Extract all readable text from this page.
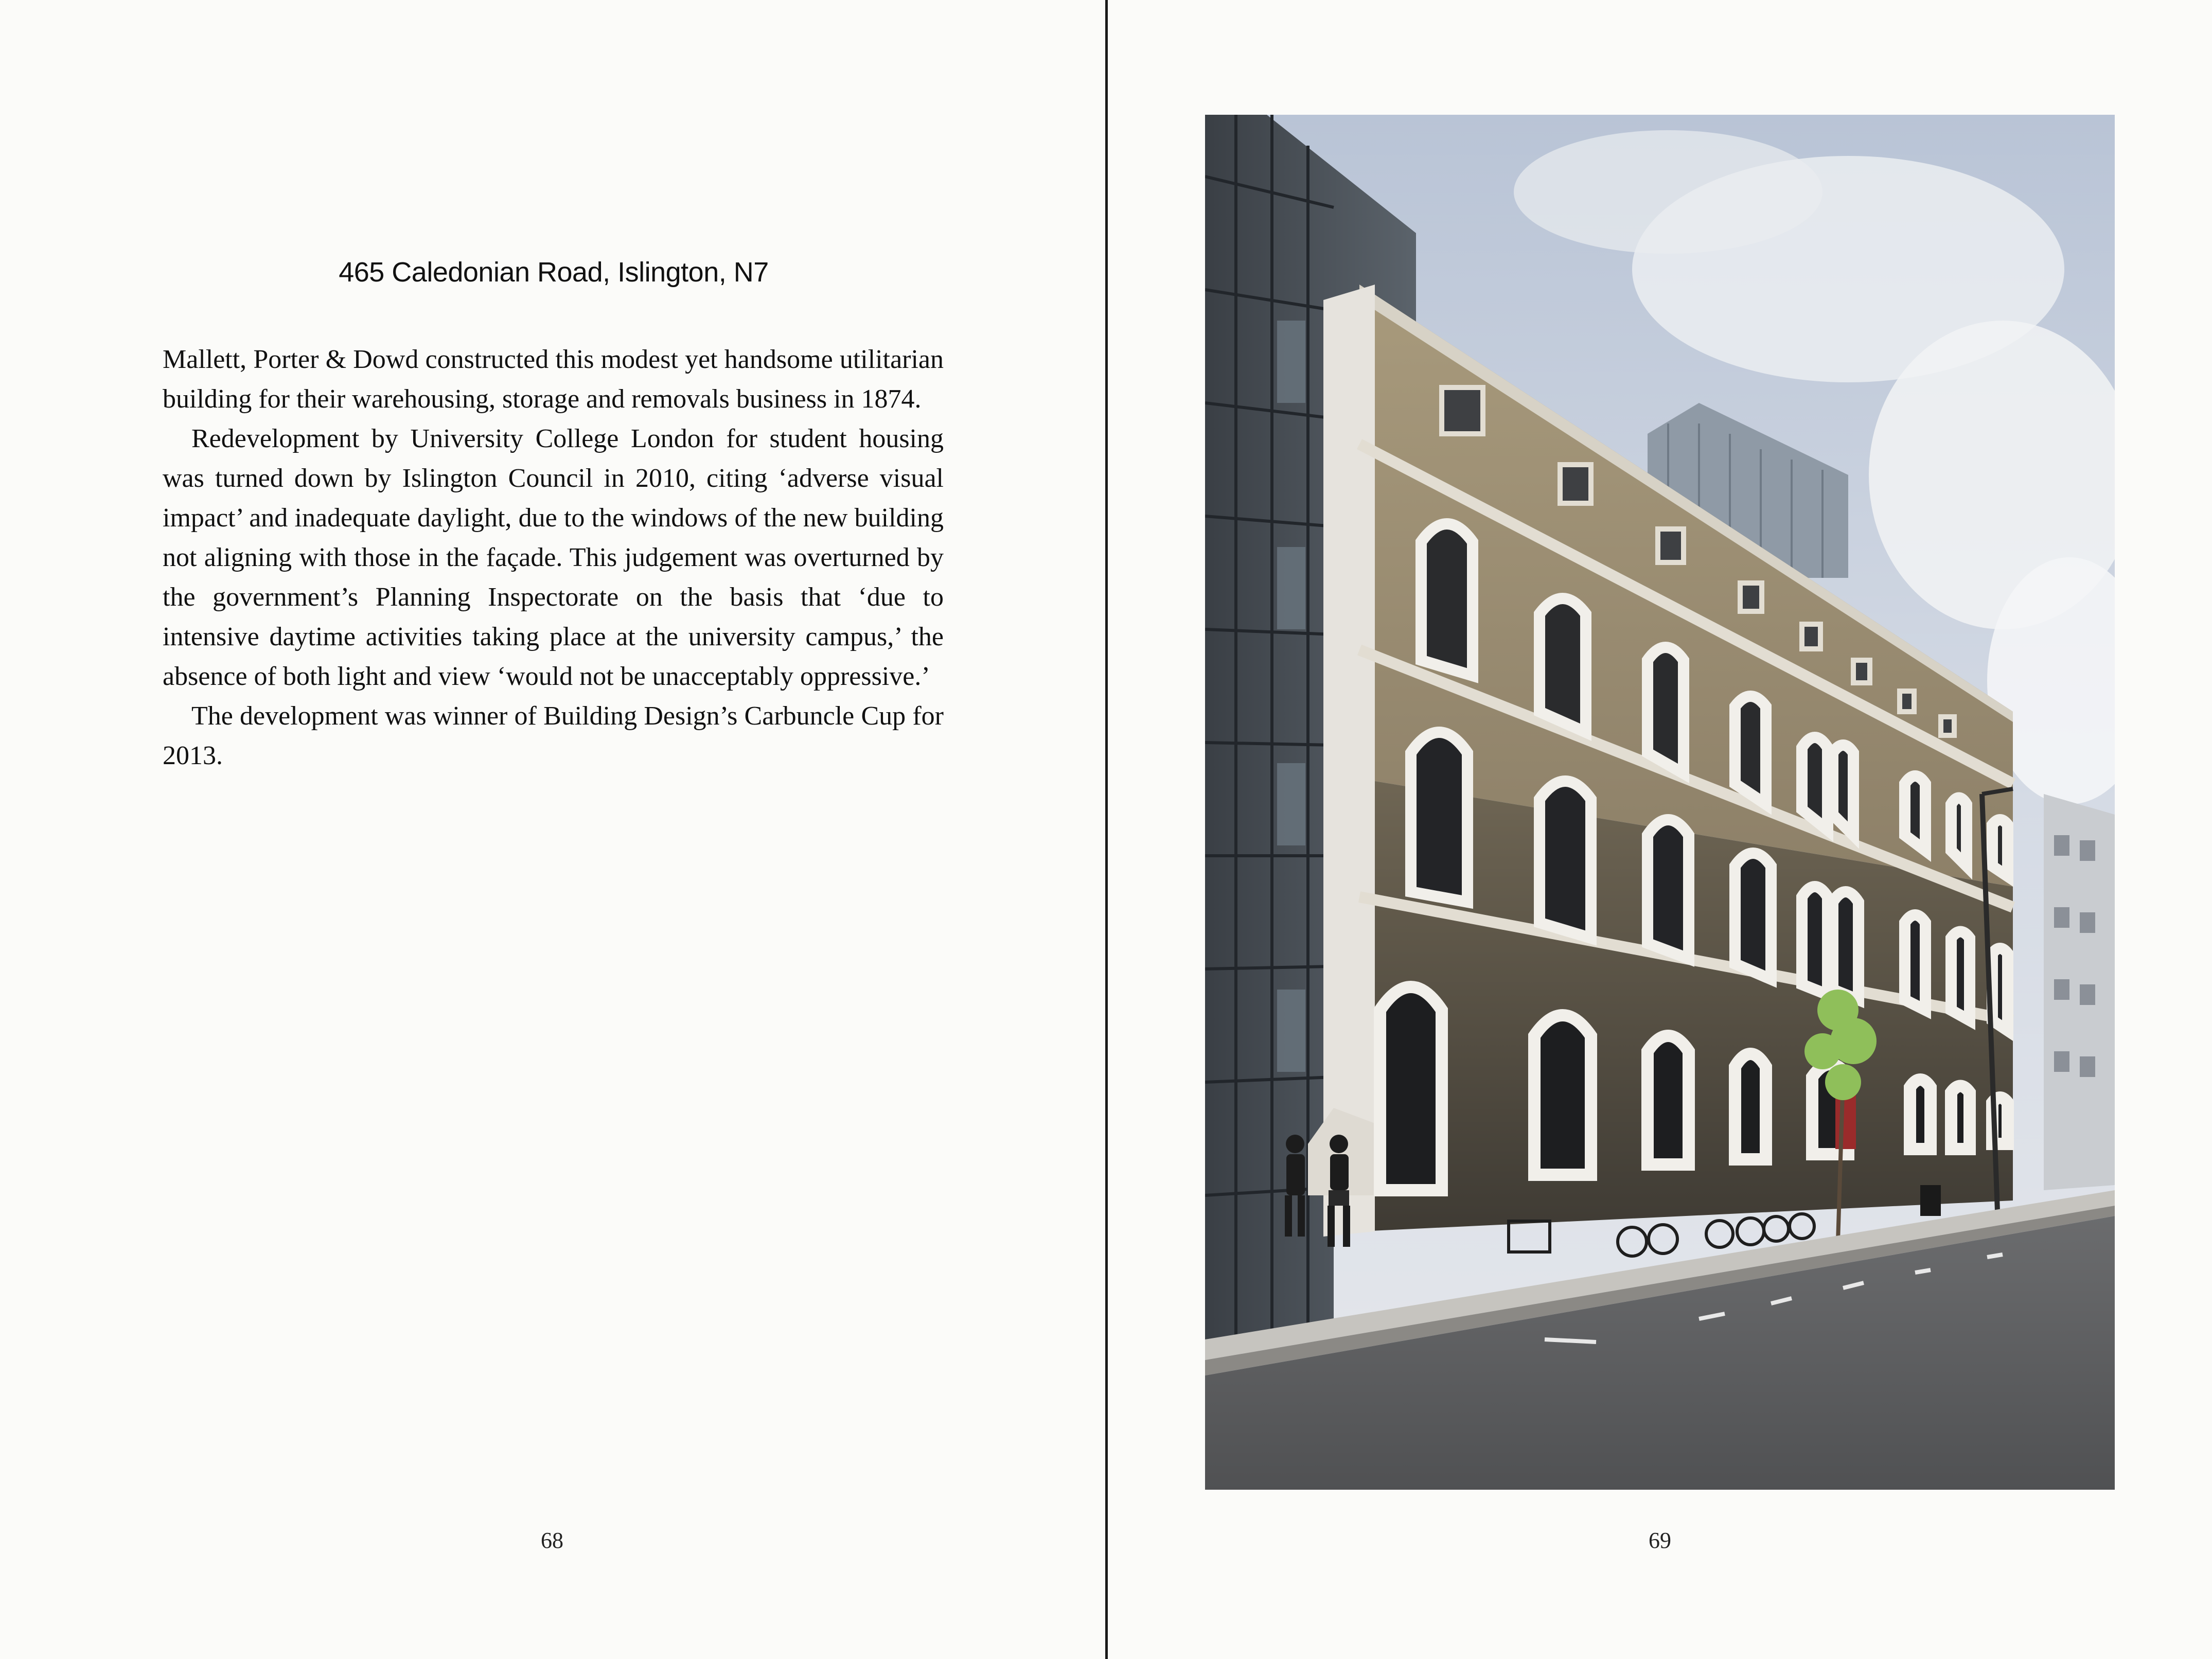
465 Caledonian Road, Islington, N7

Mallett, Porter & Dowd constructed this modest yet handsome utilitarian building for their warehousing, storage and removals business in 1874.

Redevelopment by University College London for student housing was turned down by Islington Council in 2010, citing ‘adverse visual impact’ and inadequate daylight, due to the windows of the new building not aligning with those in the façade. This judgement was overturned by the government’s Planning Inspectorate on the basis that ‘due to intensive daytime activities taking place at the university campus,’ the absence of both light and view ‘would not be unacceptably oppressive.’

The development was winner of Building Design’s Carbuncle Cup for 2013.

68	69
